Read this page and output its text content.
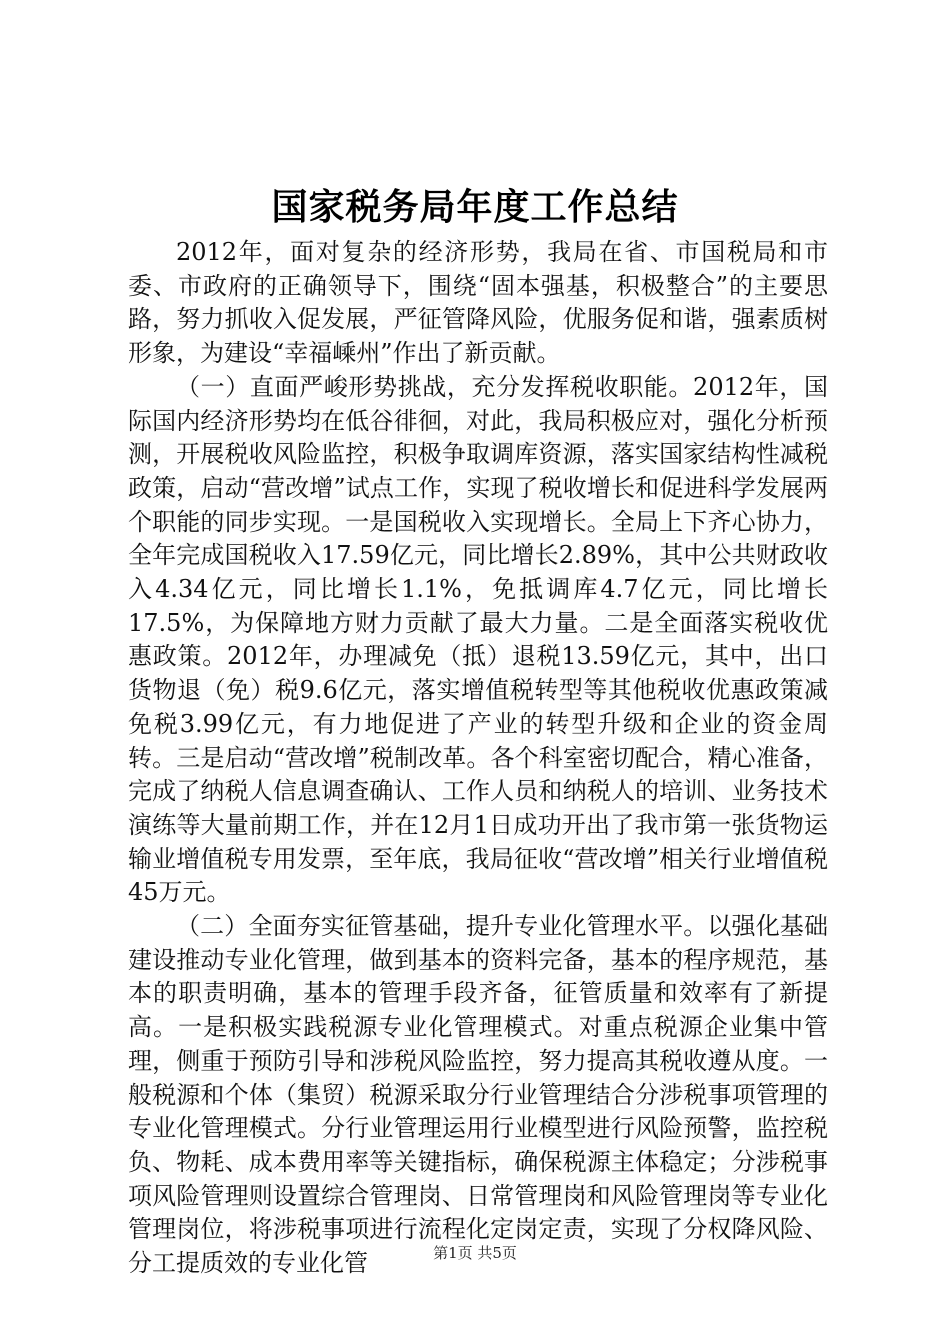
国家税务局年度工作总结

2012年，面对复杂的经济形势，我局在省、市国税局和市委、市政府的正确领导下，围绕“固本强基，积极整合”的主要思路，努力抓收入促发展，严征管降风险，优服务促和谐，强素质树形象，为建设“幸福嵊州”作出了新贡献。

（一）直面严峻形势挑战，充分发挥税收职能。2012年，国际国内经济形势均在低谷徘徊，对此，我局积极应对，强化分析预测，开展税收风险监控，积极争取调库资源，落实国家结构性减税政策，启动“营改增”试点工作，实现了税收增长和促进科学发展两个职能的同步实现。一是国税收入实现增长。全局上下齐心协力，全年完成国税收入17.59亿元，同比增长2.89%，其中公共财政收入4.34亿元，同比增长1.1%，免抵调库4.7亿元，同比增长17.5%，为保障地方财力贡献了最大力量。二是全面落实税收优惠政策。2012年，办理减免（抵）退税13.59亿元，其中，出口货物退（免）税9.6亿元，落实增值税转型等其他税收优惠政策减免税3.99亿元，有力地促进了产业的转型升级和企业的资金周转。三是启动“营改增”税制改革。各个科室密切配合，精心准备，完成了纳税人信息调查确认、工作人员和纳税人的培训、业务技术演练等大量前期工作，并在12月1日成功开出了我市第一张货物运输业增值税专用发票，至年底，我局征收“营改增”相关行业增值税45万元。

（二）全面夯实征管基础，提升专业化管理水平。以强化基础建设推动专业化管理，做到基本的资料完备，基本的程序规范，基本的职责明确，基本的管理手段齐备，征管质量和效率有了新提高。一是积极实践税源专业化管理模式。对重点税源企业集中管理，侧重于预防引导和涉税风险监控，努力提高其税收遵从度。一般税源和个体（集贸）税源采取分行业管理结合分涉税事项管理的专业化管理模式。分行业管理运用行业模型进行风险预警，监控税负、物耗、成本费用率等关键指标，确保税源主体稳定；分涉税事项风险管理则设置综合管理岗、日常管理岗和风险管理岗等专业化管理岗位，将涉税事项进行流程化定岗定责，实现了分权降风险、分工提质效的专业化管	第1页 共5页
